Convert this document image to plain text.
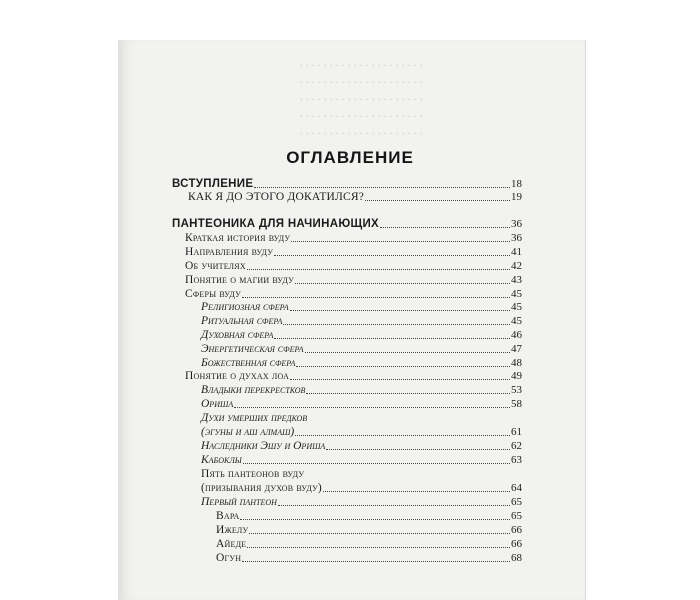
. . . . . . . . . . . . . . . . . . . . .
. . . . . . . . . . . . . . . . . . . . .
. . . . . . . . . . . . . . . . . . . . .
. . . . . . . . . . . . . . . . . . . . .
. . . . . . . . . . . . . . . . . . . . .
ОГЛАВЛЕНИЕ
ВСТУПЛЕНИЕ	18
КАК Я ДО ЭТОГО ДОКАТИЛСЯ?	19
ПАНТЕОНИКА ДЛЯ НАЧИНАЮЩИХ	36
Краткая история вуду	36
Направления вуду	41
Об учителях	42
Понятие о магии вуду	43
Сферы вуду	45
Религиозная сфера	45
Ритуальная сфера	45
Духовная сфера	46
Энергетическая сфера	47
Божественная сфера	48
Понятие о духах лоа	49
Владыки перекрестков	53
Ориша	58
Духи умерших предков
(эгуны и аш алмаш)	61
Наследники Эшу и Ориша	62
Кабоклы	63
Пять пантеонов вуду
(призывания духов вуду)	64
Первый пантеон	65
Вара	65
Ижелу	66
Айеде	66
Огун	68
